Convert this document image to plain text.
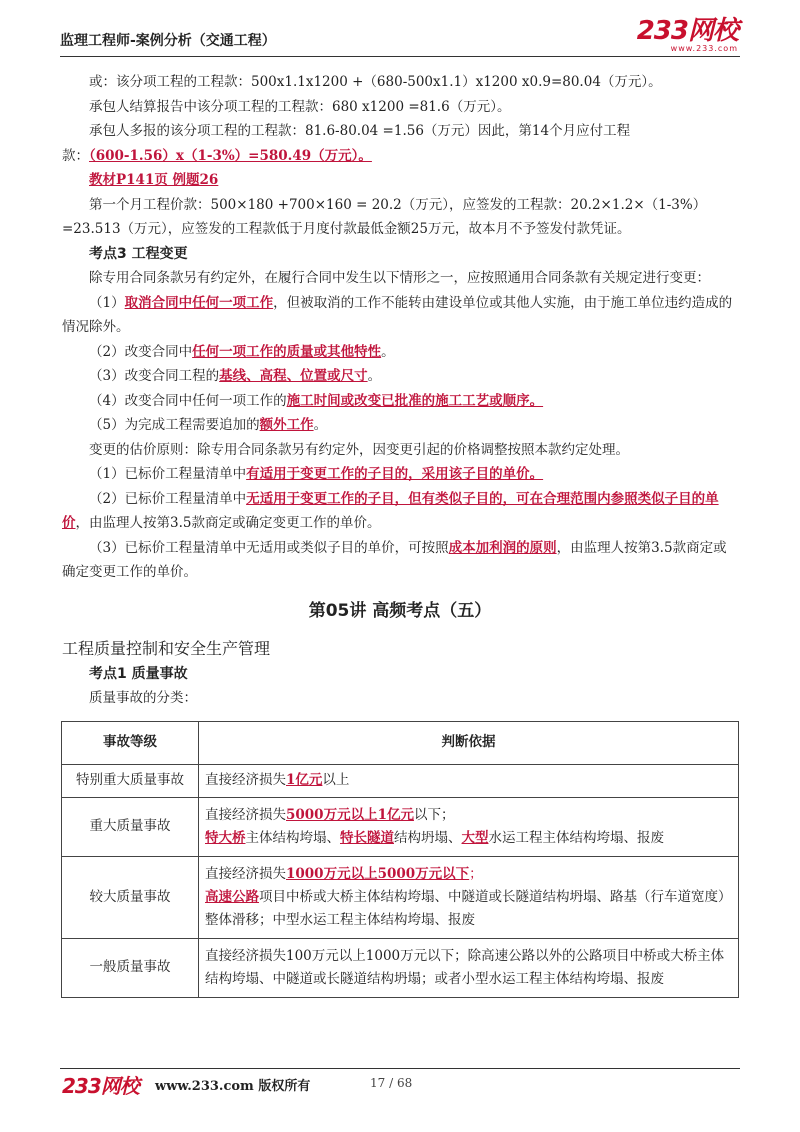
监理工程师-案例分析（交通工程）	233网校
www.233.com

或：该分项工程的工程款：500x1.1x1200 +（680-500x1.1）x1200 x0.9=80.04（万元）。

承包人结算报告中该分项工程的工程款：680 x1200 =81.6（万元）。

承包人多报的该分项工程的工程款：81.6-80.04 =1.56（万元）因此，第14个月应付工程

款：（600-1.56）x（1-3%）=580.49（万元）。

教材P141页 例题26

第一个月工程价款：500×180 +700×160 = 20.2（万元），应签发的工程款：20.2×1.2×（1-3%）=23.513（万元），应签发的工程款低于月度付款最低金额25万元，故本月不予签发付款凭证。

考点3 工程变更

除专用合同条款另有约定外，在履行合同中发生以下情形之一，应按照通用合同条款有关规定进行变更：

（1）取消合同中任何一项工作，但被取消的工作不能转由建设单位或其他人实施，由于施工单位违约造成的情况除外。

（2）改变合同中任何一项工作的质量或其他特性。

（3）改变合同工程的基线、高程、位置或尺寸。

（4）改变合同中任何一项工作的施工时间或改变已批准的施工工艺或顺序。

（5）为完成工程需要追加的额外工作。

变更的估价原则：除专用合同条款另有约定外，因变更引起的价格调整按照本款约定处理。

（1）已标价工程量清单中有适用于变更工作的子目的，采用该子目的单价。

（2）已标价工程量清单中无适用于变更工作的子目，但有类似子目的，可在合理范围内参照类似子目的单价，由监理人按第3.5款商定或确定变更工作的单价。

（3）已标价工程量清单中无适用或类似子目的单价，可按照成本加利润的原则，由监理人按第3.5款商定或确定变更工作的单价。

第05讲 高频考点（五）

工程质量控制和安全生产管理

考点1 质量事故

质量事故的分类：

事故等级	判断依据
特别重大质量事故	直接经济损失1亿元以上
重大质量事故	直接经济损失5000万元以上1亿元以下；
特大桥主体结构垮塌、特长隧道结构坍塌、大型水运工程主体结构垮塌、报废
较大质量事故	直接经济损失1000万元以上5000万元以下；
高速公路项目中桥或大桥主体结构垮塌、中隧道或长隧道结构坍塌、路基（行车道宽度）整体滑移；中型水运工程主体结构垮塌、报废
一般质量事故	直接经济损失100万元以上1000万元以下；除高速公路以外的公路项目中桥或大桥主体结构垮塌、中隧道或长隧道结构坍塌；或者小型水运工程主体结构垮塌、报废
233网校 www.233.com 版权所有	17 / 68
